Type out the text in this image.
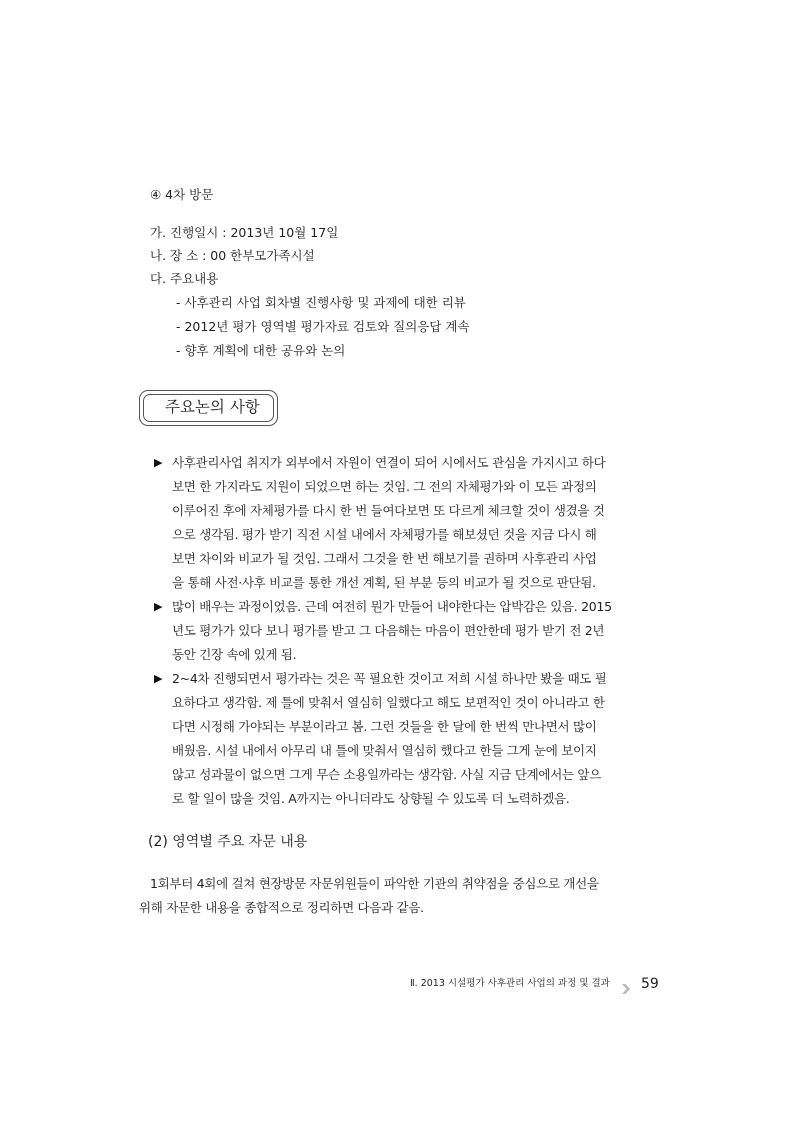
④ 4차 방문
가. 진행일시 : 2013년 10월 17일
나. 장 소 : 00 한부모가족시설
다. 주요내용
- 사후관리 사업 회차별 진행사항 및 과제에 대한 리뷰
- 2012년 평가 영역별 평가자료 검토와 질의응답 계속
- 향후 계획에 대한 공유와 논의
주요논의 사항
▶ 사후관리사업 취지가 외부에서 자원이 연결이 되어 시에서도 관심을 가지시고 하다
보면 한 가지라도 지원이 되었으면 하는 것임. 그 전의 자체평가와 이 모든 과정의
이루어진 후에 자체평가를 다시 한 번 들여다보면 또 다르게 체크할 것이 생겼을 것
으로 생각됨. 평가 받기 직전 시설 내에서 자체평가를 해보셨던 것을 지금 다시 해
보면 차이와 비교가 될 것임. 그래서 그것을 한 번 해보기를 권하며 사후관리 사업
을 통해 사전·사후 비교를 통한 개선 계획, 된 부분 등의 비교가 될 것으로 판단됨.
▶ 많이 배우는 과정이었음. 근데 여전히 뭔가 만들어 내야한다는 압박감은 있음. 2015
년도 평가가 있다 보니 평가를 받고 그 다음해는 마음이 편안한데 평가 받기 전 2년
동안 긴장 속에 있게 됨.
▶ 2~4차 진행되면서 평가라는 것은 꼭 필요한 것이고 저희 시설 하나만 봤을 때도 필
요하다고 생각함. 제 틀에 맞춰서 열심히 일했다고 해도 보편적인 것이 아니라고 한
다면 시정해 가야되는 부분이라고 봄. 그런 것들을 한 달에 한 번씩 만나면서 많이
배웠음. 시설 내에서 아무리 내 틀에 맞춰서 열심히 했다고 한들 그게 눈에 보이지
않고 성과물이 없으면 그게 무슨 소용일까라는 생각함. 사실 지금 단계에서는 앞으
로 할 일이 많을 것임. A까지는 아니더라도 상향될 수 있도록 더 노력하겠음.
(2) 영역별 주요 자문 내용
1회부터 4회에 걸쳐 현장방문 자문위원들이 파악한 기관의 취약점을 중심으로 개선을
위해 자문한 내용을 종합적으로 정리하면 다음과 같음.
Ⅱ. 2013 시설평가 사후관리 사업의 과정 및 결과 59
